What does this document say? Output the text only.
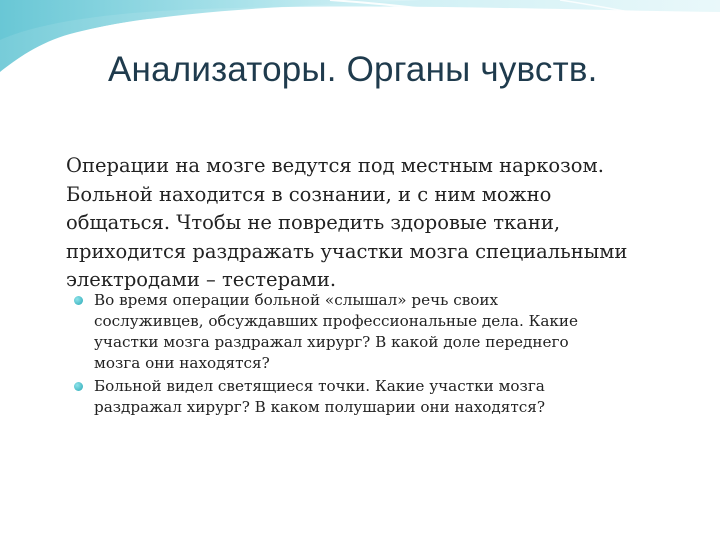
Анализаторы. Органы чувств.
Операции на мозге ведутся под местным наркозом.
Больной находится в сознании, и с ним можно
общаться. Чтобы не повредить здоровые ткани,
приходится раздражать участки мозга специальными
электродами – тестерами.
Во время операции больной «слышал» речь своих
сослуживцев, обсуждавших профессиональные дела. Какие
участки мозга раздражал хирург? В какой доле переднего
мозга они находятся?
Больной видел светящиеся точки. Какие участки мозга
раздражал хирург? В каком полушарии они находятся?
